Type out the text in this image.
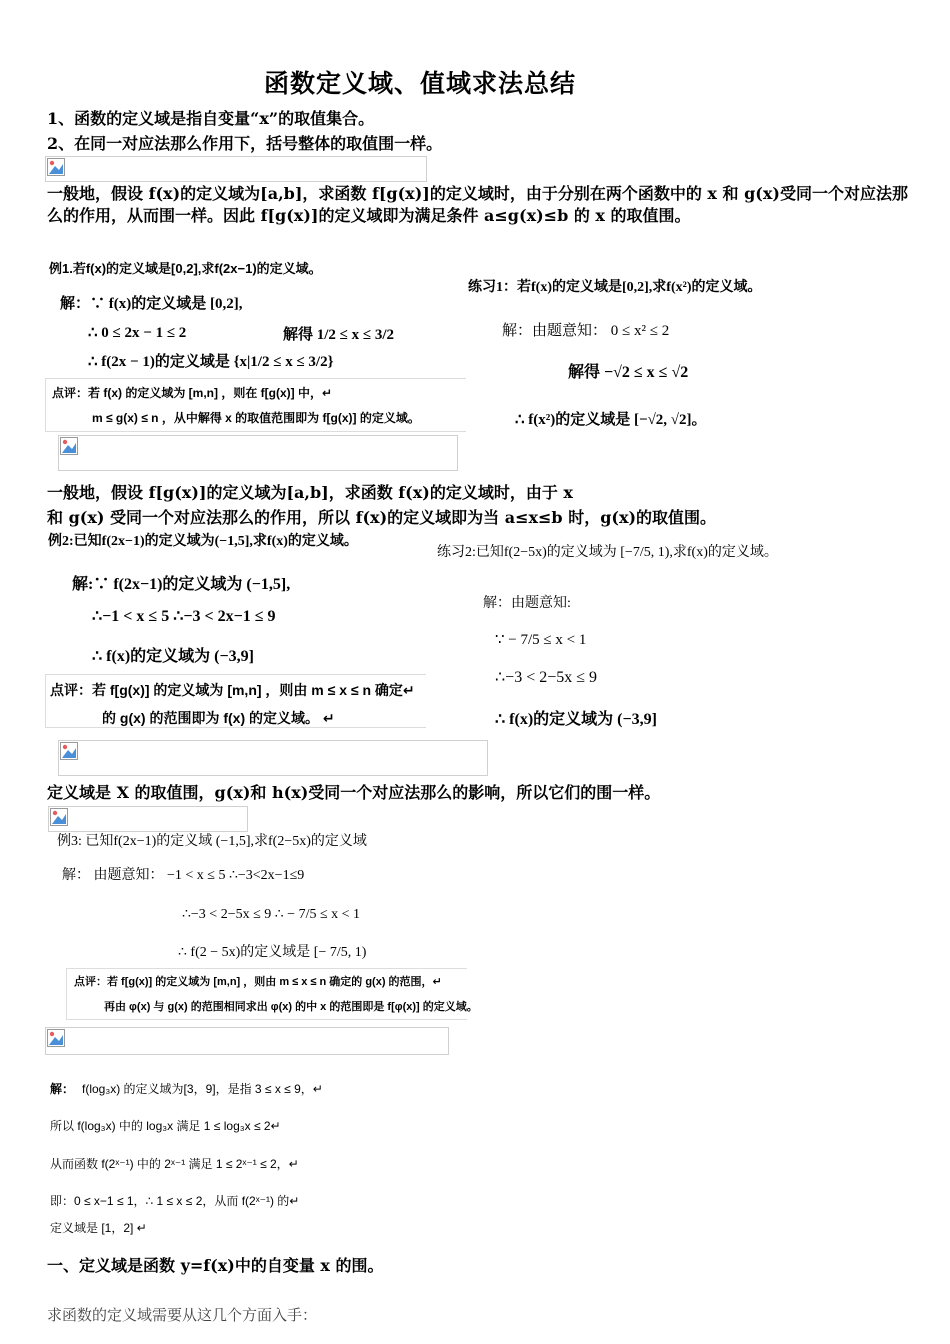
函数定义域、值域求法总结
1、函数的定义域是指自变量“x”的取值集合。
2、在同一对应法那么作用下，括号整体的取值围一样。
一般地，假设 f(x)的定义域为[a,b]，求函数 f[g(x)]的定义域时，由于分别在两个函数中的 x 和 g(x)受同一个对应法那么的作用，从而围一样。因此 f[g(x)]的定义域即为满足条件 a≤g(x)≤b 的 x 的取值围。
例1.若f(x)的定义域是[0,2],求f(2x−1)的定义域。
解：∵ f(x)的定义域是 [0,2],
∴ 0 ≤ 2x − 1 ≤ 2	解得 1/2 ≤ x ≤ 3/2
∴ f(2x − 1)的定义域是 {x|1/2 ≤ x ≤ 3/2}
点评：若 f(x) 的定义域为 [m,n] ，则在 f[g(x)] 中，↵
m ≤ g(x) ≤ n ，从中解得 x 的取值范围即为 f[g(x)] 的定义域。
练习1：若f(x)的定义域是[0,2],求f(x²)的定义域。
解：由题意知： 0 ≤ x² ≤ 2
解得 −√2 ≤ x ≤ √2
∴ f(x²)的定义域是 [−√2, √2]。
一般地，假设 f[g(x)]的定义域为[a,b]，求函数 f(x)的定义域时，由于 x
和 g(x) 受同一个对应法那么的作用，所以 f(x)的定义域即为当 a≤x≤b 时，g(x)的取值围。
例2:已知f(2x−1)的定义域为(−1,5],求f(x)的定义域。
解:∵ f(2x−1)的定义域为 (−1,5],
∴−1 < x ≤ 5 ∴−3 < 2x−1 ≤ 9
∴ f(x)的定义域为 (−3,9]
点评：若 f[g(x)] 的定义域为 [m,n] ，则由 m ≤ x ≤ n 确定↵
的 g(x) 的范围即为 f(x) 的定义域。 ↵
练习2:已知f(2−5x)的定义域为 [−7/5, 1),求f(x)的定义域。
解：由题意知:
∵ − 7/5 ≤ x < 1
∴−3 < 2−5x ≤ 9
∴ f(x)的定义域为 (−3,9]
定义域是 X 的取值围，g(x)和 h(x)受同一个对应法那么的影响，所以它们的围一样。
例3: 已知f(2x−1)的定义域 (−1,5],求f(2−5x)的定义域
解： 由题意知： −1 < x ≤ 5 ∴−3<2x−1≤9
∴−3 < 2−5x ≤ 9 ∴ − 7/5 ≤ x < 1
∴ f(2 − 5x)的定义域是 [− 7/5, 1)
点评：若 f[g(x)] 的定义域为 [m,n] ，则由 m ≤ x ≤ n 确定的 g(x) 的范围，↵
再由 φ(x) 与 g(x) 的范围相同求出 φ(x) 的中 x 的范围即是 f[φ(x)] 的定义域。
解： f(log₃x) 的定义域为[3，9]，是指 3 ≤ x ≤ 9，↵
所以 f(log₃x) 中的 log₃x 满足 1 ≤ log₃x ≤ 2↵
从而函数 f(2ˣ⁻¹) 中的 2ˣ⁻¹ 满足 1 ≤ 2ˣ⁻¹ ≤ 2，↵
即：0 ≤ x−1 ≤ 1，∴ 1 ≤ x ≤ 2，从而 f(2ˣ⁻¹) 的↵
定义域是 [1，2] ↵
一、定义域是函数 y=f(x)中的自变量 x 的围。
求函数的定义域需要从这几个方面入手：
